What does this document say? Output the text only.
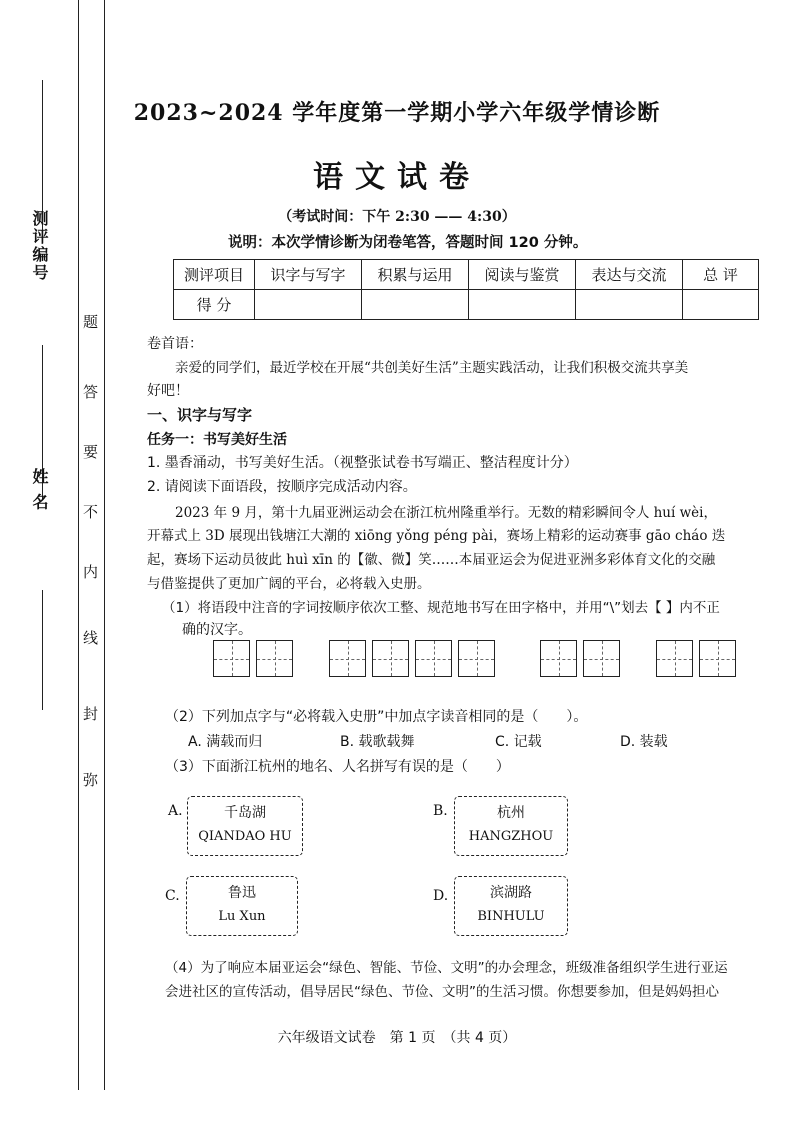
测评编号
姓 名
题
答
要
不
内
线
封
弥
2023~2024 学年度第一学期小学六年级学情诊断
语文试卷
（考试时间：下午 2:30 —— 4:30）
说明：本次学情诊断为闭卷笔答，答题时间 120 分钟。
测评项目	识字与写字	积累与运用	阅读与鉴赏	表达与交流	总 评
得 分					
卷首语：
亲爱的同学们，最近学校在开展“共创美好生活”主题实践活动，让我们积极交流共享美
好吧！
一、识字与写字
任务一：书写美好生活
1. 墨香涌动，书写美好生活。（视整张试卷书写端正、整洁程度计分）
2. 请阅读下面语段，按顺序完成活动内容。
2023 年 9 月，第十九届亚洲运动会在浙江杭州隆重举行。无数的精彩瞬间令人 huí wèi，
开幕式上 3D 展现出钱塘江大潮的 xiōng yǒng péng pài，赛场上精彩的运动赛事 gāo cháo 迭
起，赛场下运动员彼此 huì xīn 的【徽、微】笑……本届亚运会为促进亚洲多彩体育文化的交融
与借鉴提供了更加广阔的平台，必将载入史册。
（1）将语段中注音的字词按顺序依次工整、规范地书写在田字格中，并用“\”划去【 】内不正
确的汉字。
（2）下列加点字与“必将载入史册”中加点字读音相同的是（　　）。
A. 满载而归	B. 载歌载舞	C. 记载	D. 装载
（3）下面浙江杭州的地名、人名拼写有误的是（　　）
A.	千岛湖
QIANDAO HU
B.	杭州
HANGZHOU
C.	鲁迅
Lu Xun
D.	滨湖路
BINHULU
（4）为了响应本届亚运会“绿色、智能、节俭、文明”的办会理念，班级准备组织学生进行亚运
会进社区的宣传活动，倡导居民“绿色、节俭、文明”的生活习惯。你想要参加，但是妈妈担心
六年级语文试卷　第 1 页　（共 4 页）
